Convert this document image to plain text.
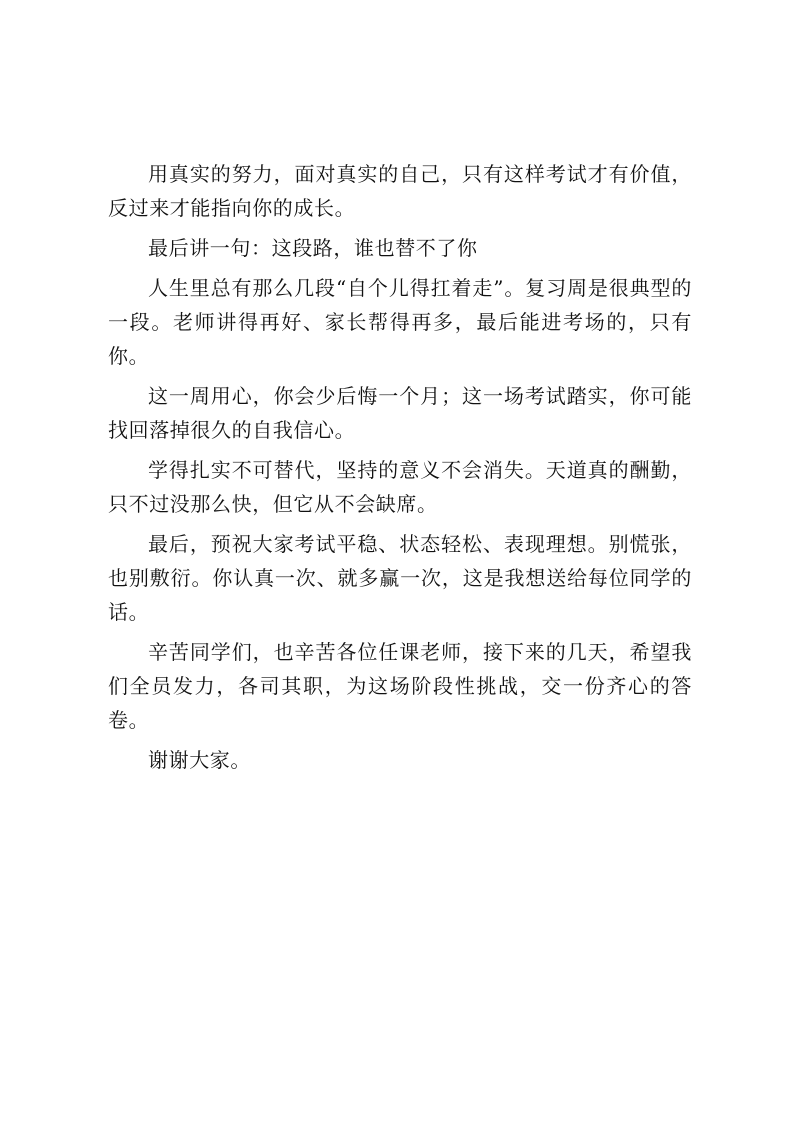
用真实的努力，面对真实的自己，只有这样考试才有价值，反过来才能指向你的成长。

最后讲一句：这段路，谁也替不了你

人生里总有那么几段“自个儿得扛着走”。复习周是很典型的一段。老师讲得再好、家长帮得再多，最后能进考场的，只有你。

这一周用心，你会少后悔一个月；这一场考试踏实，你可能找回落掉很久的自我信心。

学得扎实不可替代，坚持的意义不会消失。天道真的酬勤，只不过没那么快，但它从不会缺席。

最后，预祝大家考试平稳、状态轻松、表现理想。别慌张，也别敷衍。你认真一次、就多赢一次，这是我想送给每位同学的话。

辛苦同学们，也辛苦各位任课老师，接下来的几天，希望我们全员发力，各司其职，为这场阶段性挑战，交一份齐心的答卷。

谢谢大家。
